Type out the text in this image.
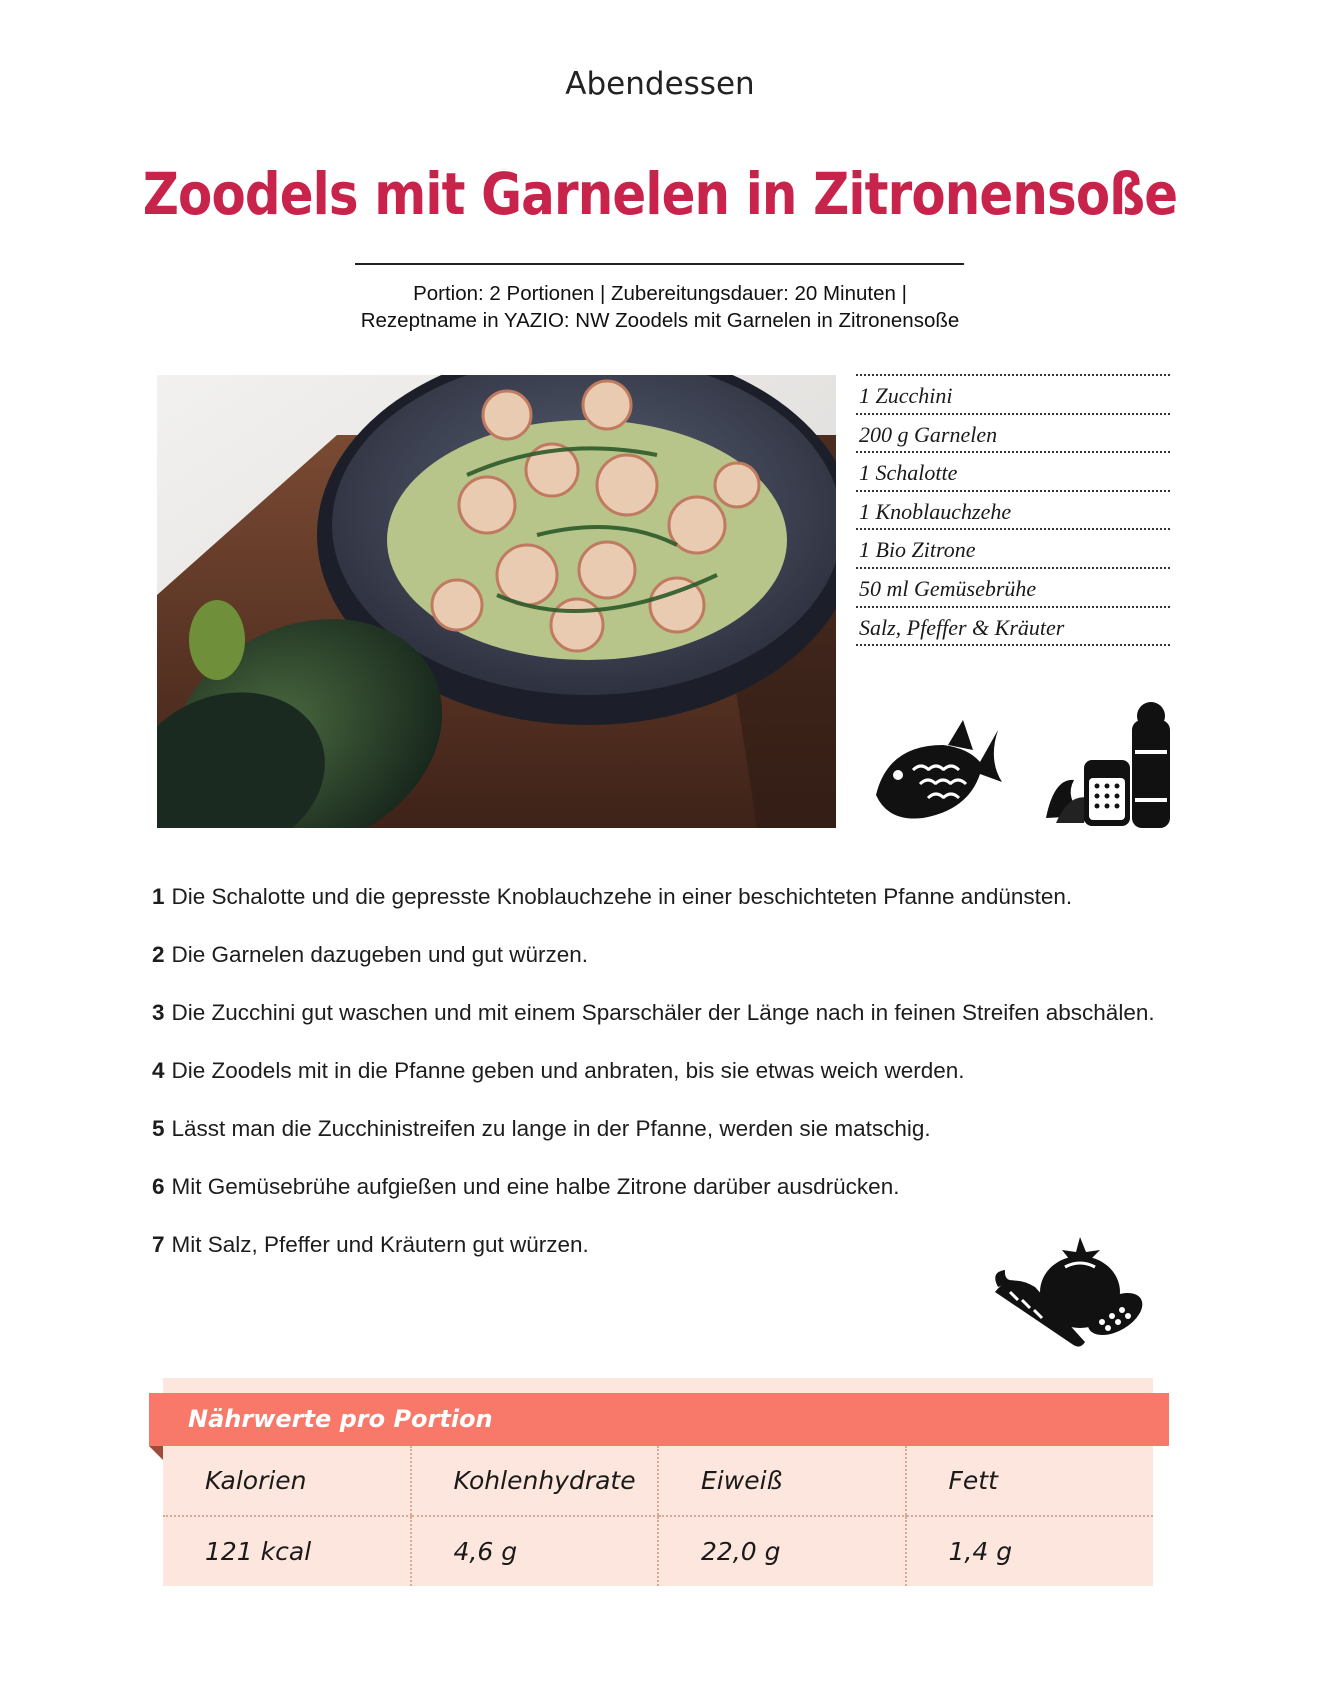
Abendessen
Zoodels mit Garnelen in Zitronensoße
Portion: 2 Portionen | Zubereitungsdauer: 20 Minuten |
Rezeptname in YAZIO: NW Zoodels mit Garnelen in Zitronensoße
1 Zucchini
200 g Garnelen
1 Schalotte
1 Knoblauchzehe
1 Bio Zitrone
50 ml Gemüsebrühe
Salz, Pfeffer & Kräuter
1 Die Schalotte und die gepresste Knoblauchzehe in einer beschichteten Pfanne andünsten.
2 Die Garnelen dazugeben und gut würzen.
3 Die Zucchini gut waschen und mit einem Sparschäler der Länge nach in feinen Streifen abschälen.
4 Die Zoodels mit in die Pfanne geben und anbraten, bis sie etwas weich werden.
5 Lässt man die Zucchinistreifen zu lange in der Pfanne, werden sie matschig.
6 Mit Gemüsebrühe aufgießen und eine halbe Zitrone darüber ausdrücken.
7 Mit Salz, Pfeffer und Kräutern gut würzen.
Nährwerte pro Portion
Kalorien	Kohlenhydrate	Eiweiß	Fett
121 kcal	4,6 g	22,0 g	1,4 g
